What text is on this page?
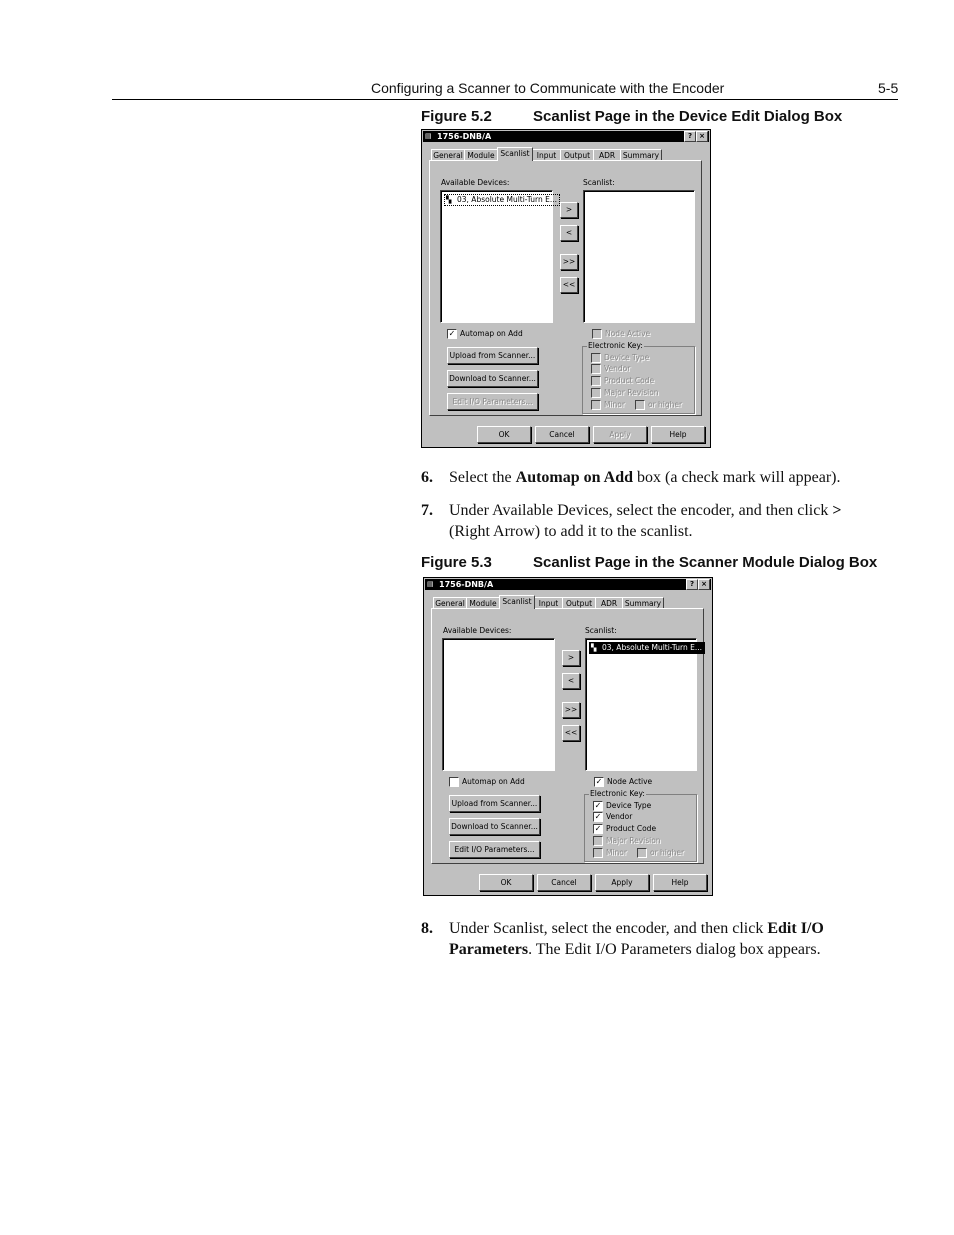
Configuring a Scanner to Communicate with the Encoder	5-5
Figure 5.2	Scanlist Page in the Device Edit Dialog Box
▤ 1756-DNB/A	?	×
General Module Scanlist Input	Output	ADR	Summary
Available Devices:	Scanlist:
▚ 03, Absolute Multi-Turn E...
>
<
>>
<<
✓ Automap on Add
Upload from Scanner...
Download to Scanner...
Edit I/O Parameters...
Node Active
Electronic Key:
Device Type
Vendor
Product Code
Major Revision
Minor	or higher
OK	Cancel	Apply	Help
6. Select the Automap on Add box (a check mark will appear).
7. Under Available Devices, select the encoder, and then click > (Right Arrow) to add it to the scanlist.
Figure 5.3	Scanlist Page in the Scanner Module Dialog Box
▤ 1756-DNB/A	?	×
General Module Scanlist Input	Output	ADR	Summary
Available Devices:	Scanlist:
▚ 03, Absolute Multi-Turn E...
>
<
>>
<<
Automap on Add
Upload from Scanner...
Download to Scanner...
Edit I/O Parameters...
✓ Node Active
Electronic Key:
✓ Device Type
✓ Vendor
✓ Product Code
Major Revision
Minor	or higher
OK	Cancel	Apply	Help
8. Under Scanlist, select the encoder, and then click Edit I/O Parameters. The Edit I/O Parameters dialog box appears.
